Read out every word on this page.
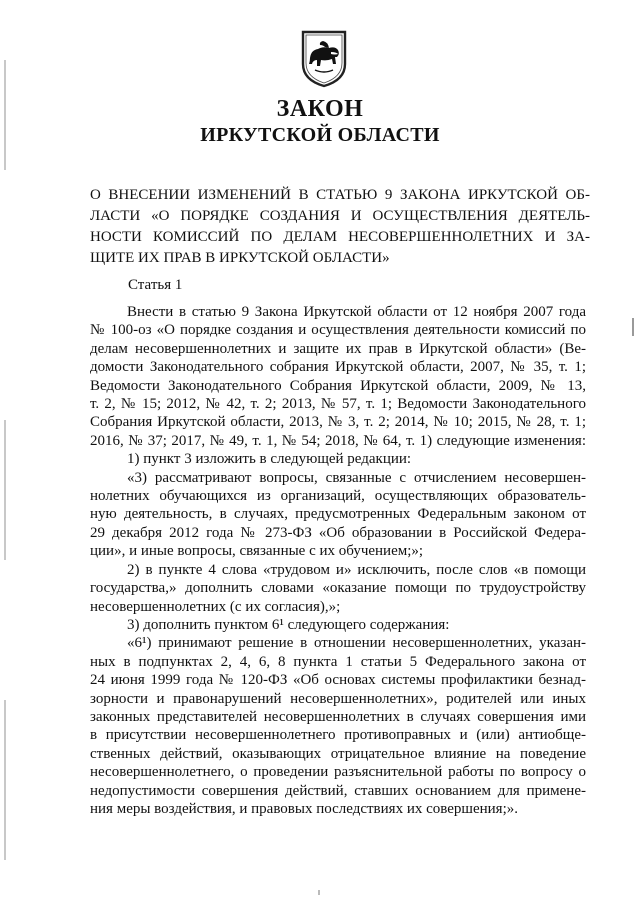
ЗАКОН
ИРКУТСКОЙ ОБЛАСТИ
О ВНЕСЕНИИ ИЗМЕНЕНИЙ В СТАТЬЮ 9 ЗАКОНА ИРКУТСКОЙ ОБ-
ЛАСТИ «О ПОРЯДКЕ СОЗДАНИЯ И ОСУЩЕСТВЛЕНИЯ ДЕЯТЕЛЬ-
НОСТИ КОМИССИЙ ПО ДЕЛАМ НЕСОВЕРШЕННОЛЕТНИХ И ЗА-
ЩИТЕ ИХ ПРАВ В ИРКУТСКОЙ ОБЛАСТИ»
Статья 1
Внести в статью 9 Закона Иркутской области от 12 ноября 2007 года
№ 100-оз «О порядке создания и осуществления деятельности комиссий по
делам несовершеннолетних и защите их прав в Иркутской области» (Ве-
домости Законодательного собрания Иркутской области, 2007, № 35, т. 1;
Ведомости Законодательного Собрания Иркутской области, 2009, № 13,
т. 2, № 15; 2012, № 42, т. 2; 2013, № 57, т. 1; Ведомости Законодательного
Собрания Иркутской области, 2013, № 3, т. 2; 2014, № 10; 2015, № 28, т. 1;
2016, № 37; 2017, № 49, т. 1, № 54; 2018, № 64, т. 1) следующие изменения:
1) пункт 3 изложить в следующей редакции:
«3) рассматривают вопросы, связанные с отчислением несовершен-
нолетних обучающихся из организаций, осуществляющих образователь-
ную деятельность, в случаях, предусмотренных Федеральным законом от
29 декабря 2012 года № 273-ФЗ «Об образовании в Российской Федера-
ции», и иные вопросы, связанные с их обучением;»;
2) в пункте 4 слова «трудовом и» исключить, после слов «в помощи
государства,» дополнить словами «оказание помощи по трудоустройству
несовершеннолетних (с их согласия),»;
3) дополнить пунктом 6¹ следующего содержания:
«6¹) принимают решение в отношении несовершеннолетних, указан-
ных в подпунктах 2, 4, 6, 8 пункта 1 статьи 5 Федерального закона от
24 июня 1999 года № 120-ФЗ «Об основах системы профилактики безнад-
зорности и правонарушений несовершеннолетних», родителей или иных
законных представителей несовершеннолетних в случаях совершения ими
в присутствии несовершеннолетнего противоправных и (или) антиобще-
ственных действий, оказывающих отрицательное влияние на поведение
несовершеннолетнего, о проведении разъяснительной работы по вопросу о
недопустимости совершения действий, ставших основанием для примене-
ния меры воздействия, и правовых последствиях их совершения;».
